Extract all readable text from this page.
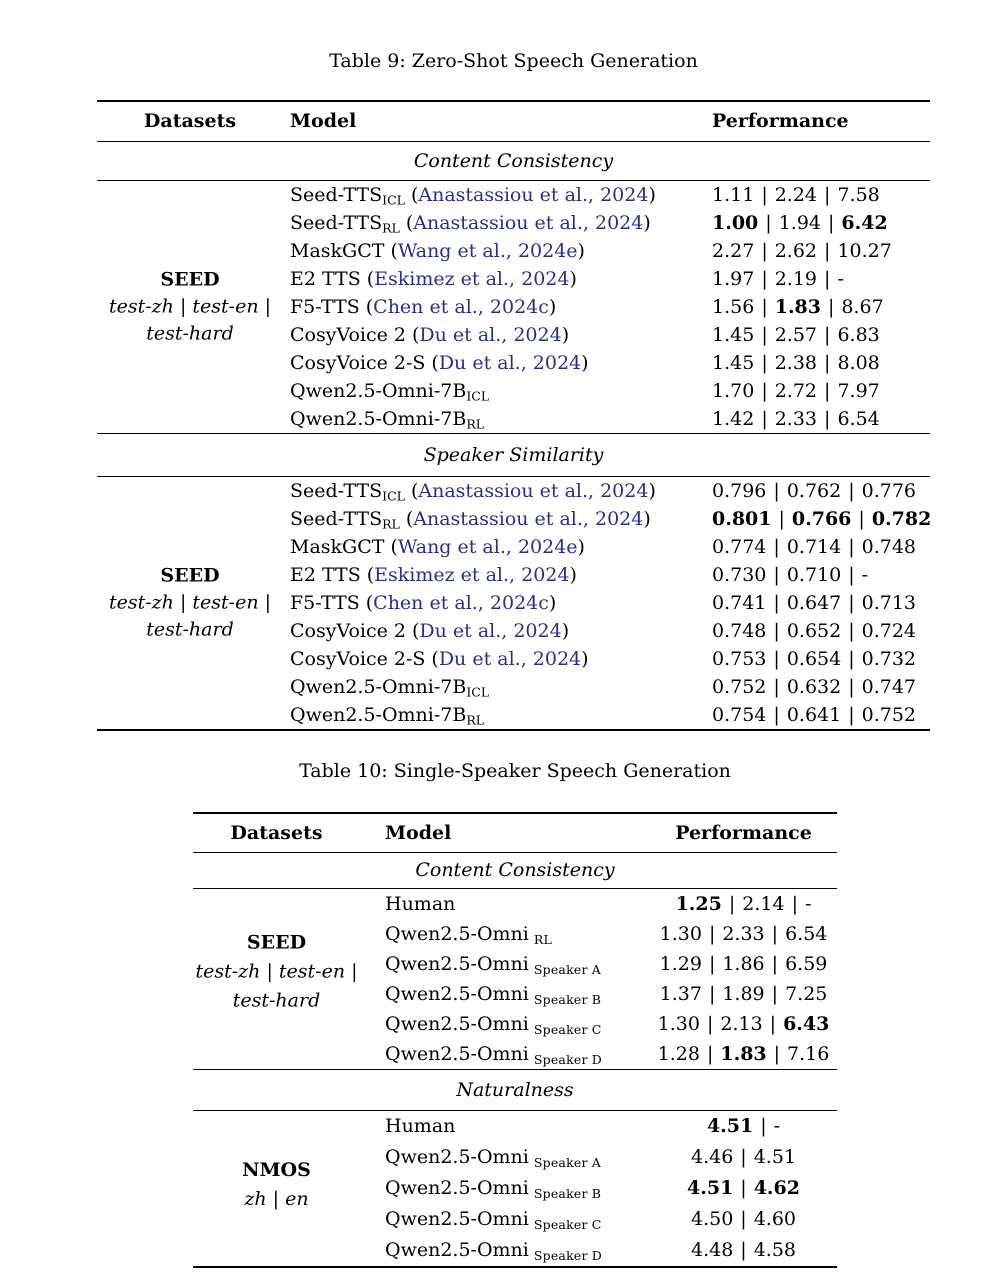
Table 9: Zero-Shot Speech Generation
Datasets	Model	Performance
Content Consistency
SEED
test-zh | test-en |
test-hard
Seed-$TTS_{ICL}$ (Anastassiou et al., 2024)	1.11 | 2.24 | 7.58
Seed-$TTS_{RL}$ (Anastassiou et al., 2024)	1.00 | 1.94 | 6.42
MaskGCT (Wang et al., 2024e)	2.27 | 2.62 | 10.27
E2 TTS (Eskimez et al., 2024)	1.97 | 2.19 | -
F5-TTS (Chen et al., 2024c)	1.56 | 1.83 | 8.67
CosyVoice 2 (Du et al., 2024)	1.45 | 2.57 | 6.83
CosyVoice 2-S (Du et al., 2024)	1.45 | 2.38 | 8.08
$Qwen2.5-Omni-7B_{ICL}$	1.70 | 2.72 | 7.97
$Qwen2.5-Omni-7B_{RL}$	1.42 | 2.33 | 6.54
Speaker Similarity
SEED
test-zh | test-en |
test-hard
Seed-$TTS_{ICL}$ (Anastassiou et al., 2024)	0.796 | 0.762 | 0.776
Seed-$TTS_{RL}$ (Anastassiou et al., 2024)	0.801 | 0.766 | 0.782
MaskGCT (Wang et al., 2024e)	0.774 | 0.714 | 0.748
E2 TTS (Eskimez et al., 2024)	0.730 | 0.710 | -
F5-TTS (Chen et al., 2024c)	0.741 | 0.647 | 0.713
CosyVoice 2 (Du et al., 2024)	0.748 | 0.652 | 0.724
CosyVoice 2-S (Du et al., 2024)	0.753 | 0.654 | 0.732
$Qwen2.5-Omni-7B_{ICL}$	0.752 | 0.632 | 0.747
$Qwen2.5-Omni-7B_{RL}$	0.754 | 0.641 | 0.752
Table 10: Single-Speaker Speech Generation
Datasets	Model	Performance
Content Consistency
SEED
test-zh | test-en |
test-hard
Human	1.25 | 2.14 | -
Qwen2.5-Omni $_{RL}$	1.30 | 2.33 | 6.54
Qwen2.5-Omni $_{Speaker A}$	1.29 | 1.86 | 6.59
Qwen2.5-Omni $_{Speaker B}$	1.37 | 1.89 | 7.25
Qwen2.5-Omni $_{Speaker C}$	1.30 | 2.13 | 6.43
Qwen2.5-Omni $_{Speaker D}$	1.28 | 1.83 | 7.16
Naturalness
NMOS
zh | en
Human	4.51 | -
Qwen2.5-Omni $_{Speaker A}$	4.46 | 4.51
Qwen2.5-Omni $_{Speaker B}$	4.51 | 4.62
Qwen2.5-Omni $_{Speaker C}$	4.50 | 4.60
Qwen2.5-Omni $_{Speaker D}$	4.48 | 4.58
